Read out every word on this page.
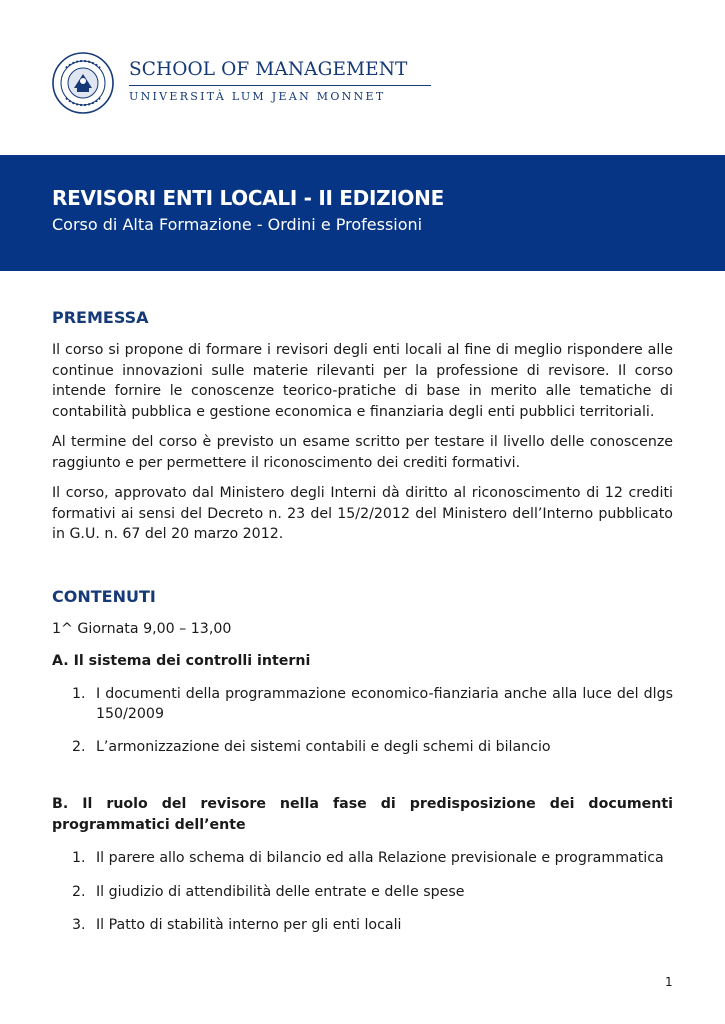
SCHOOL OF MANAGEMENT
UNIVERSITÀ LUM JEAN MONNET
REVISORI ENTI LOCALI - II EDIZIONE
Corso di Alta Formazione - Ordini e Professioni
PREMESSA

Il corso si propone di formare i revisori degli enti locali al fine di meglio rispondere alle continue innovazioni sulle materie rilevanti per la professione di revisore. Il corso intende fornire le conoscenze teorico-pratiche di base in merito alle tematiche di contabilità pubblica e gestione economica e finanziaria degli enti pubblici territoriali.

Al termine del corso è previsto un esame scritto per testare il livello delle conoscenze raggiunto e per permettere il riconoscimento dei crediti formativi.

Il corso, approvato dal Ministero degli Interni dà diritto al riconoscimento di 12 crediti formativi ai sensi del Decreto n. 23 del 15/2/2012 del Ministero dell’Interno pubblicato in G.U. n. 67 del 20 marzo 2012.

CONTENUTI

1^ Giornata 9,00 – 13,00

A. Il sistema dei controlli interni

1. I documenti della programmazione economico-fianziaria anche alla luce del dlgs 150/2009
2. L’armonizzazione dei sistemi contabili e degli schemi di bilancio

B. Il ruolo del revisore nella fase di predisposizione dei documenti programmatici dell’ente

1. Il parere allo schema di bilancio ed alla Relazione previsionale e programmatica
2. Il giudizio di attendibilità delle entrate e delle spese
3. Il Patto di stabilità interno per gli enti locali
1
